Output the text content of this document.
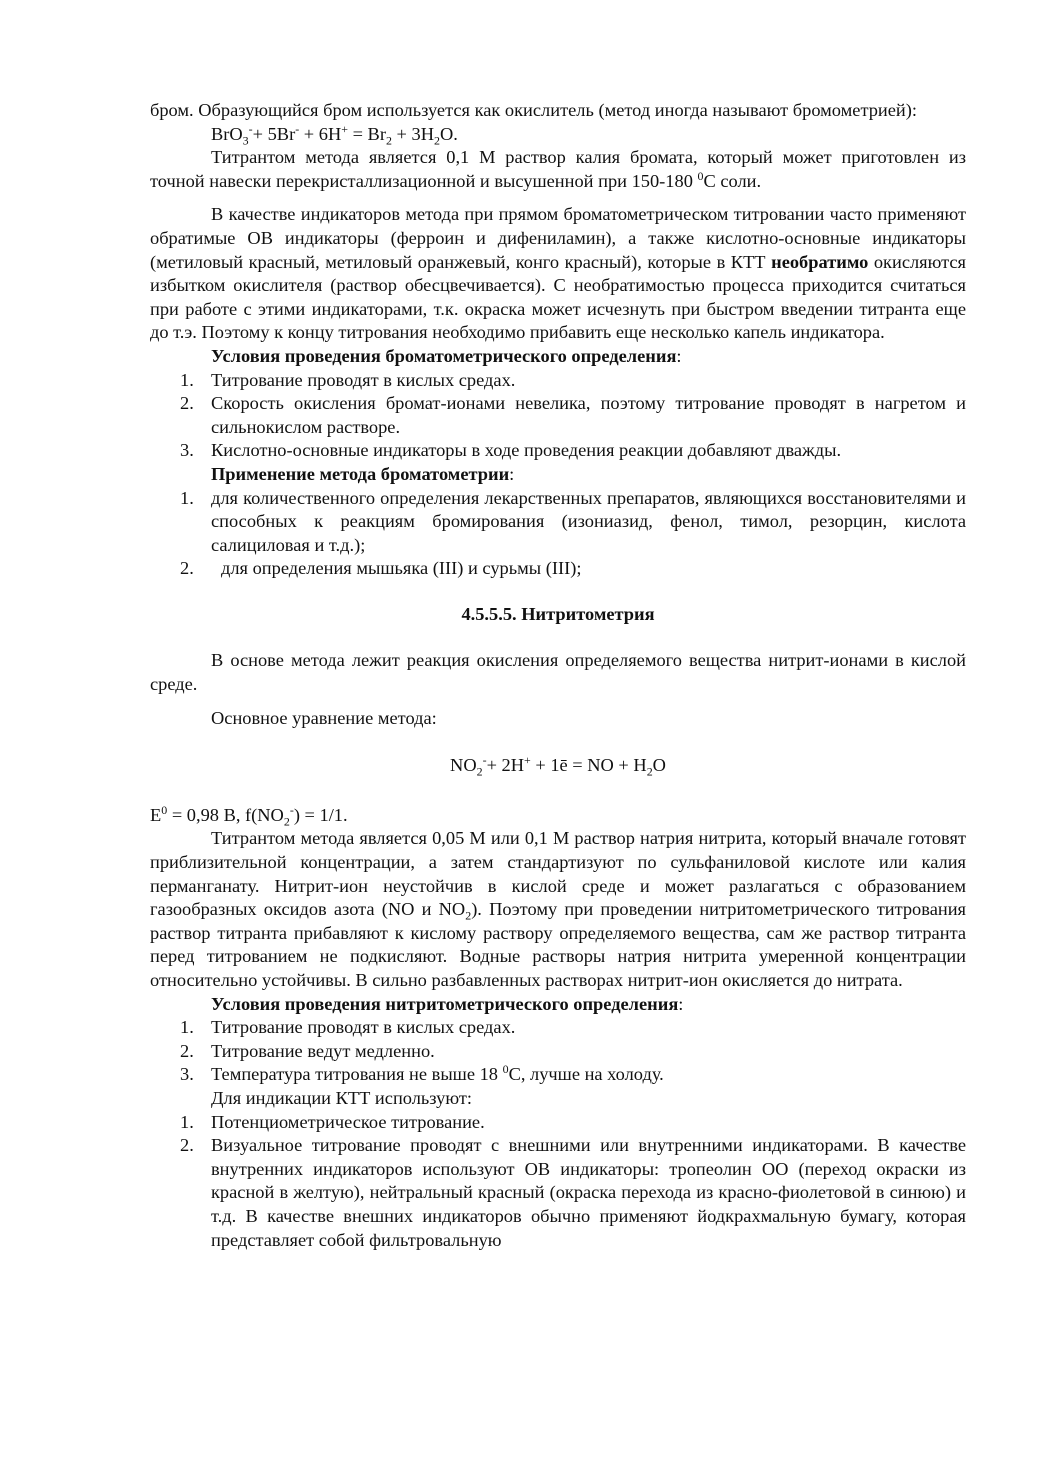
бром. Образующийся бром используется как окислитель (метод иногда называют бромометрией):

$BrO_3^-+ 5Br^- + 6H^+ = Br_2 + 3H_2O$.

Титрантом метода является 0,1 М раствор калия бромата, который может приготовлен из точной навески перекристаллизационной и высушенной при 150-180 $^0$С соли.

В качестве индикаторов метода при прямом броматометрическом титровании часто применяют обратимые ОВ индикаторы (ферроин и дифениламин), а также кислотно-основные индикаторы (метиловый красный, метиловый оранжевый, конго красный), которые в КТТ необратимо окисляются избытком окислителя (раствор обесцвечивается). С необратимостью процесса приходится считаться при работе с этими индикаторами, т.к. окраска может исчезнуть при быстром введении титранта еще до т.э. Поэтому к концу титрования необходимо прибавить еще несколько капель индикатора.

Условия проведения броматометрического определения:

1. Титрование проводят в кислых средах.
2. Скорость окисления бромат-ионами невелика, поэтому титрование проводят в нагретом и сильнокислом растворе.
3. Кислотно-основные индикаторы в ходе проведения реакции добавляют дважды.

Применение метода броматометрии:

1. для количественного определения лекарственных препаратов, являющихся восстановителями и способных к реакциям бромирования (изониазид, фенол, тимол, резорцин, кислота салициловая и т.д.);
2. для определения мышьяка (III) и сурьмы (III);

4.5.5.5. Нитритометрия

В основе метода лежит реакция окисления определяемого вещества нитрит-ионами в кислой среде.

Основное уравнение метода:

$NO_2^-+ 2H^+$ + 1ē = NO + $H_2O$

$E^0 = 0,98$ В, $f(NO_2^-) = 1/1$.

Титрантом метода является 0,05 М или 0,1 М раствор натрия нитрита, который вначале готовят приблизительной концентрации, а затем стандартизуют по сульфаниловой кислоте или калия перманганату. Нитрит-ион неустойчив в кислой среде и может разлагаться с образованием газообразных оксидов азота (NO и $NO_2$). Поэтому при проведении нитритометрического титрования раствор титранта прибавляют к кислому раствору определяемого вещества, сам же раствор титранта перед титрованием не подкисляют. Водные растворы натрия нитрита умеренной концентрации относительно устойчивы. В сильно разбавленных растворах нитрит-ион окисляется до нитрата.

Условия проведения нитритометрического определения:

1. Титрование проводят в кислых средах.
2. Титрование ведут медленно.
3. Температура титрования не выше 18 $^0$С, лучше на холоду.

Для индикации КТТ используют:

1. Потенциометрическое титрование.
2. Визуальное титрование проводят с внешними или внутренними индикаторами. В качестве внутренних индикаторов используют ОВ индикаторы: тропеолин ОО (переход окраски из красной в желтую), нейтральный красный (окраска перехода из красно-фиолетовой в синюю) и т.д. В качестве внешних индикаторов обычно применяют йодкрахмальную бумагу, которая представляет собой фильтровальную
